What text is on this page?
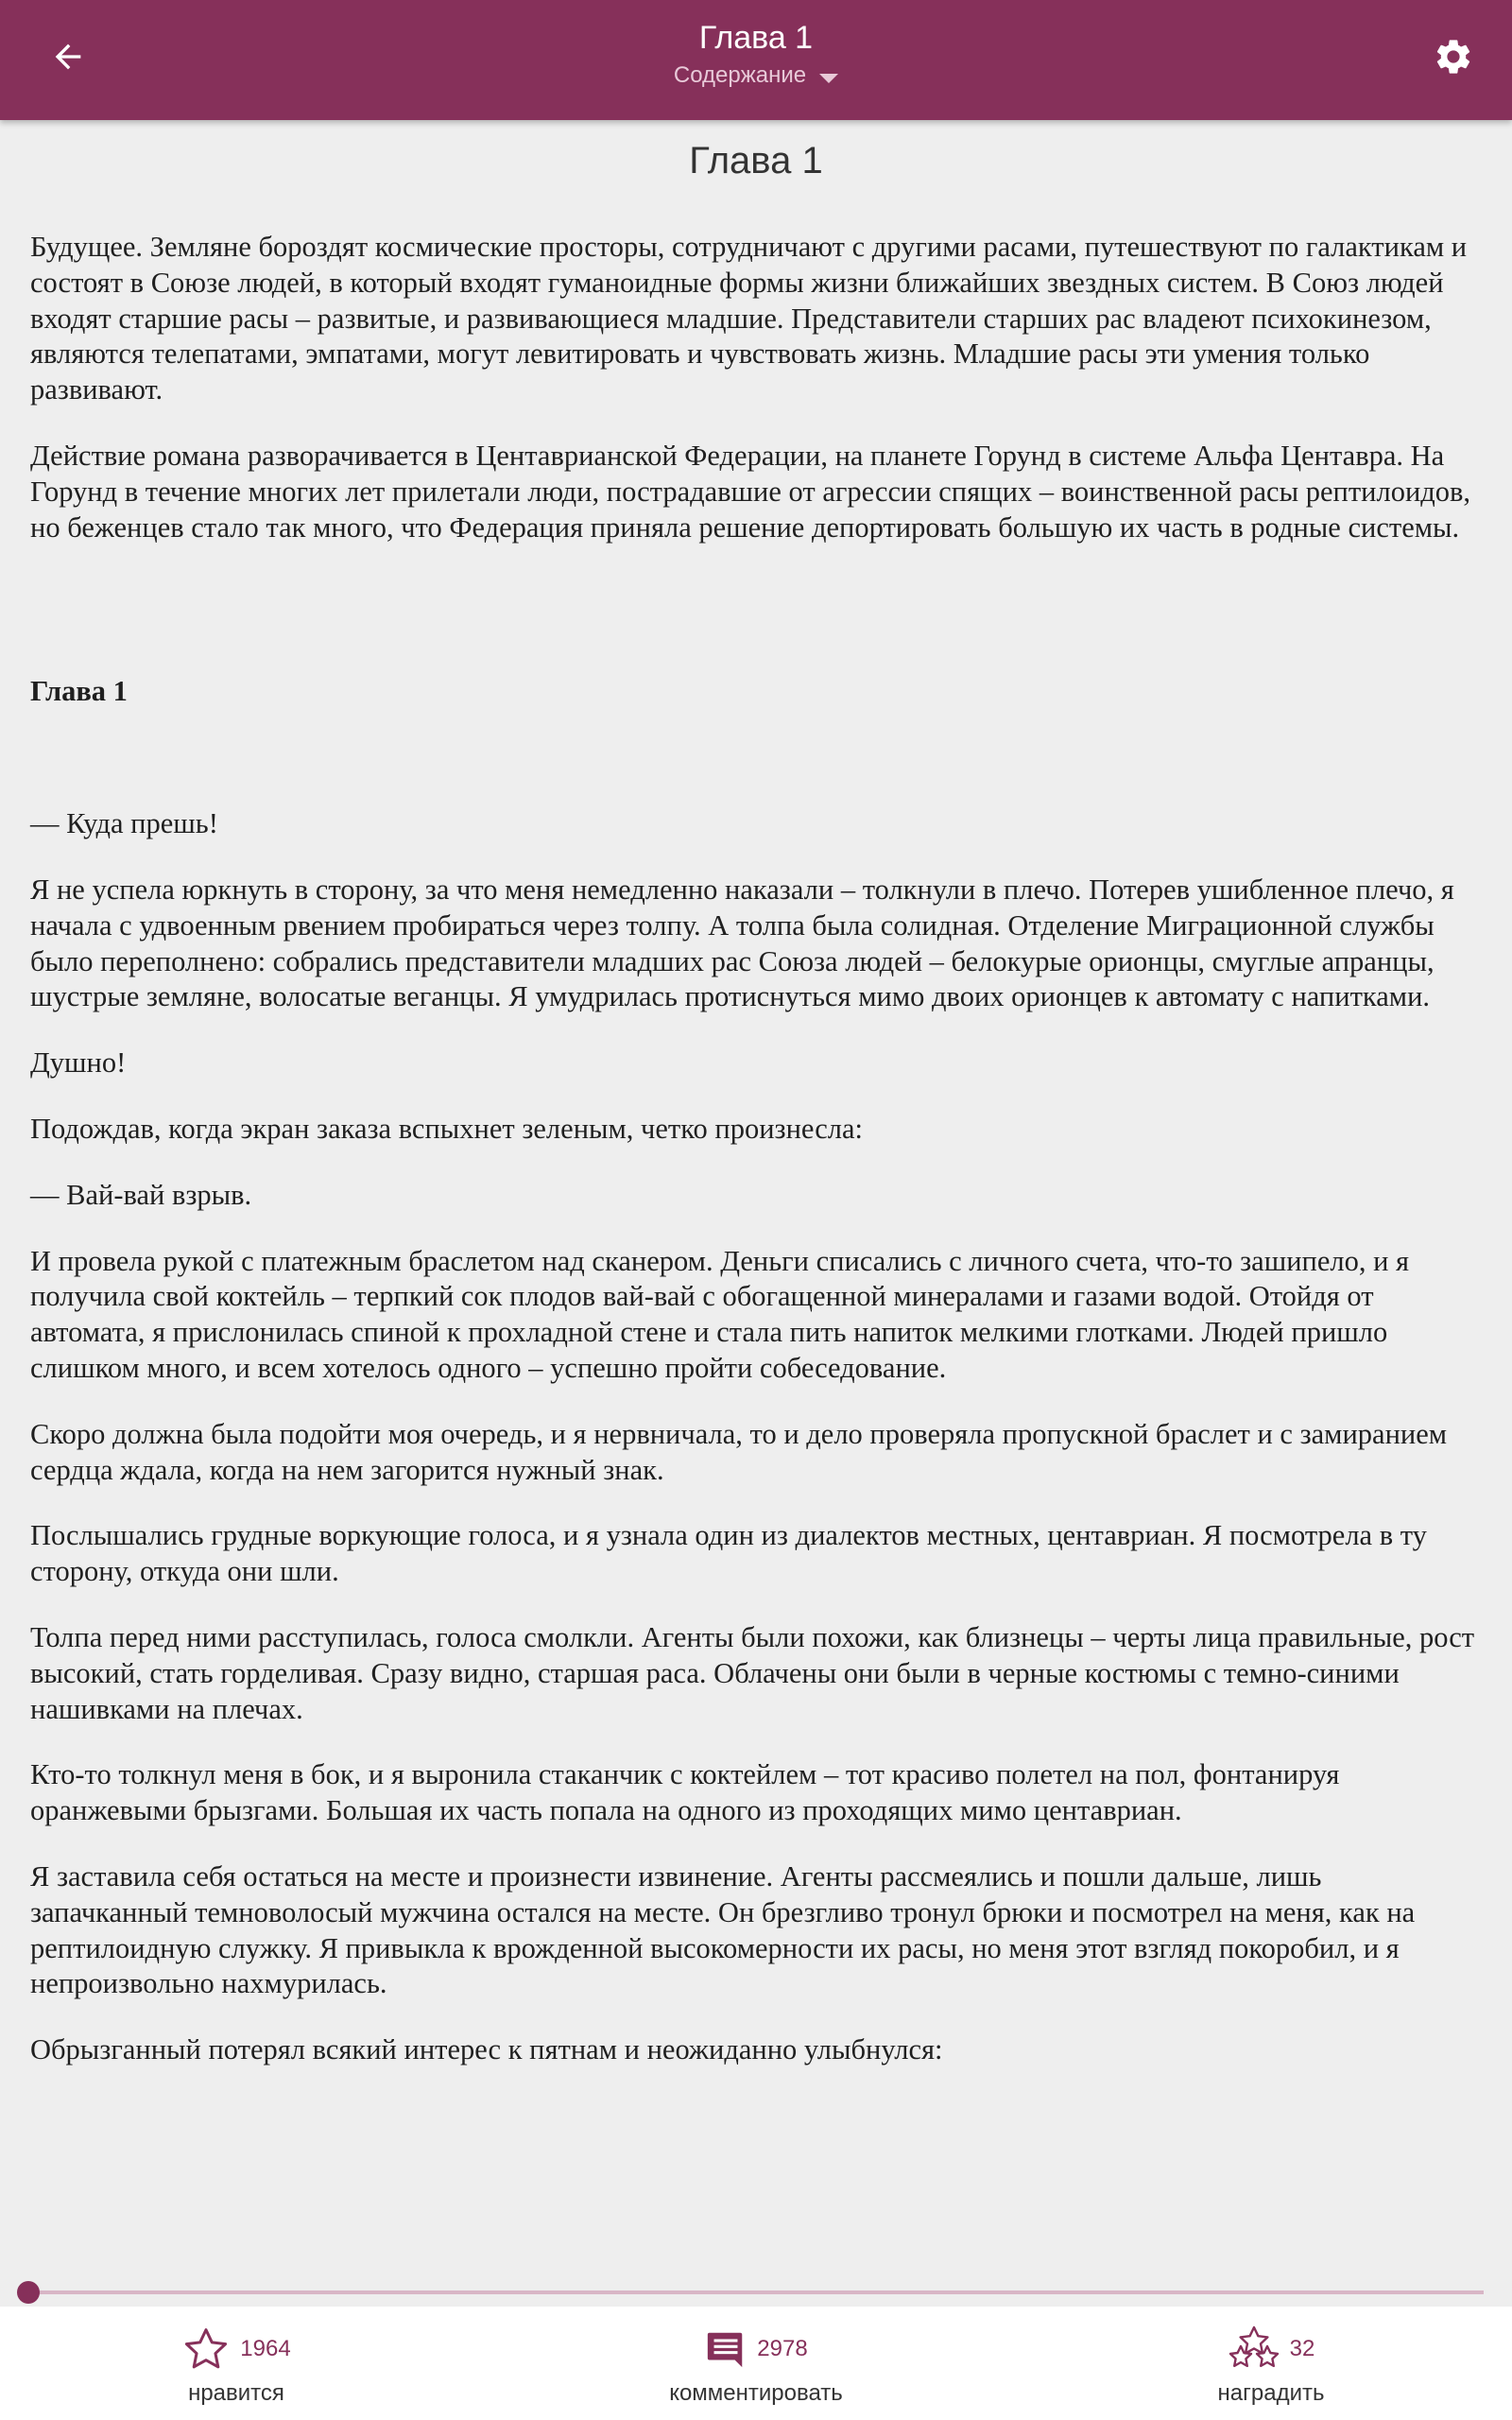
Глава 1
Содержание
Глава 1

Будущее. Земляне бороздят космические просторы, сотрудничают с другими расами, путешествуют по галактикам и состоят в Союзе людей, в который входят гуманоидные формы жизни ближайших звездных систем. В Союз людей входят старшие расы – развитые, и развивающиеся младшие. Представители старших рас владеют психокинезом, являются телепатами, эмпатами, могут левитировать и чувствовать жизнь. Младшие расы эти умения только развивают.

Действие романа разворачивается в Центаврианской Федерации, на планете Горунд в системе Альфа Центавра. На Горунд в течение многих лет прилетали люди, пострадавшие от агрессии спящих – воинственной расы рептилоидов, но беженцев стало так много, что Федерация приняла решение депортировать большую их часть в родные системы.

Глава 1

— Куда прешь!

Я не успела юркнуть в сторону, за что меня немедленно наказали – толкнули в плечо. Потерев ушибленное плечо, я начала с удвоенным рвением пробираться через толпу. А толпа была солидная. Отделение Миграционной службы было переполнено: собрались представители младших рас Союза людей – белокурые орионцы, смуглые апранцы, шустрые земляне, волосатые веганцы. Я умудрилась протиснуться мимо двоих орионцев к автомату с напитками.

Душно!

Подождав, когда экран заказа вспыхнет зеленым, четко произнесла:

— Вай-вай взрыв.

И провела рукой с платежным браслетом над сканером. Деньги списались с личного счета, что-то зашипело, и я получила свой коктейль – терпкий сок плодов вай-вай с обогащенной минералами и газами водой. Отойдя от автомата, я прислонилась спиной к прохладной стене и стала пить напиток мелкими глотками. Людей пришло слишком много, и всем хотелось одного – успешно пройти собеседование.

Скоро должна была подойти моя очередь, и я нервничала, то и дело проверяла пропускной браслет и с замиранием сердца ждала, когда на нем загорится нужный знак.

Послышались грудные воркующие голоса, и я узнала один из диалектов местных, центавриан. Я посмотрела в ту сторону, откуда они шли.

Толпа перед ними расступилась, голоса смолкли. Агенты были похожи, как близнецы – черты лица правильные, рост высокий, стать горделивая. Сразу видно, старшая раса. Облачены они были в черные костюмы с темно-синими нашивками на плечах.

Кто-то толкнул меня в бок, и я выронила стаканчик с коктейлем – тот красиво полетел на пол, фонтанируя оранжевыми брызгами. Большая их часть попала на одного из проходящих мимо центавриан.

Я заставила себя остаться на месте и произнести извинение. Агенты рассмеялись и пошли дальше, лишь запачканный темноволосый мужчина остался на месте. Он брезгливо тронул брюки и посмотрел на меня, как на рептилоидную служку. Я привыкла к врожденной высокомерности их расы, но меня этот взгляд покоробил, и я непроизвольно нахмурилась.

Обрызганный потерял всякий интерес к пятнам и неожиданно улыбнулся:

1964
нравится
2978
комментировать
32
наградить
